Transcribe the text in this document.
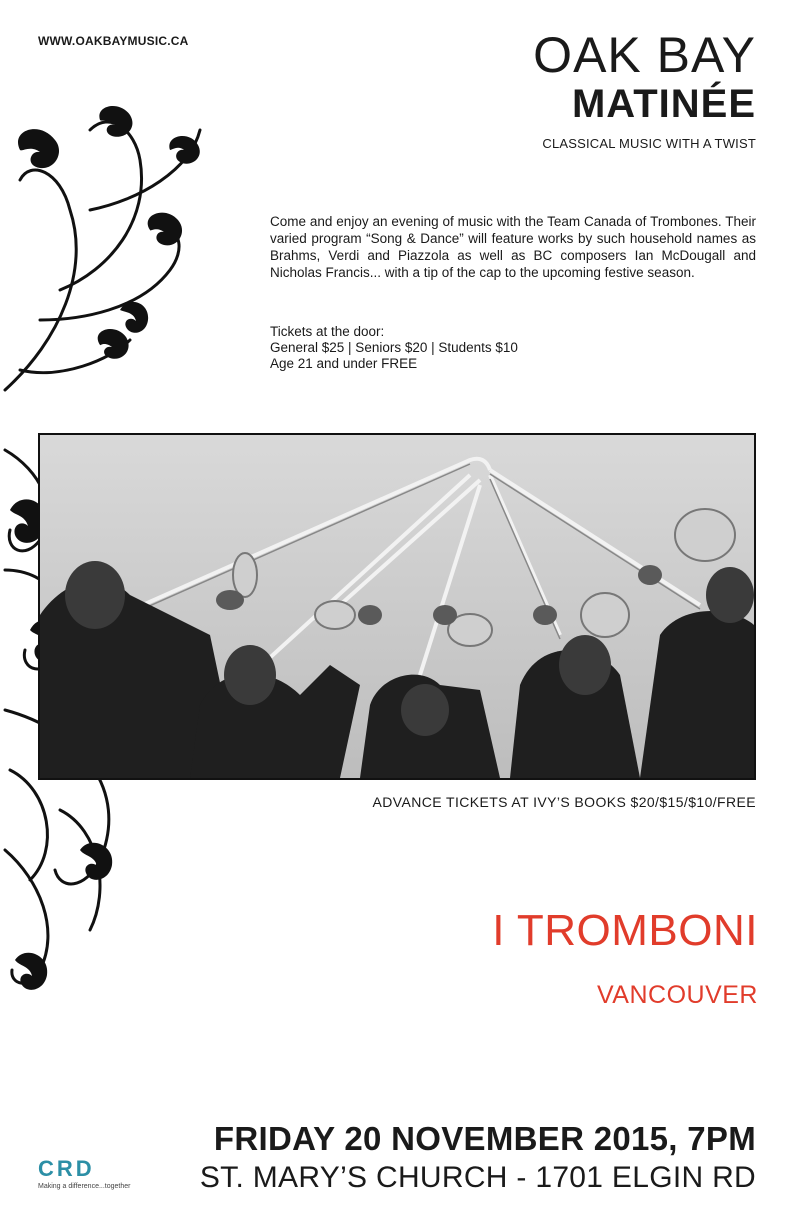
WWW.OAKBAYMUSIC.CA	OAK BAY
MATINÉE
CLASSICAL MUSIC WITH A TWIST
Come and enjoy an evening of music with the Team Canada of Trombones. Their varied program “Song & Dance” will feature works by such household names as Brahms, Verdi and Piazzola as well as BC composers Ian McDougall and Nicholas Francis... with a tip of the cap to the upcoming festive season.
Tickets at the door:
General $25 | Seniors $20 | Students $10
Age 21 and under FREE
ADVANCE TICKETS AT IVY’S BOOKS $20/$15/$10/FREE
I TROMBONI
VANCOUVER
CRD
Making a difference...together
FRIDAY 20 NOVEMBER 2015, 7PM
ST. MARY’S CHURCH - 1701 ELGIN RD
